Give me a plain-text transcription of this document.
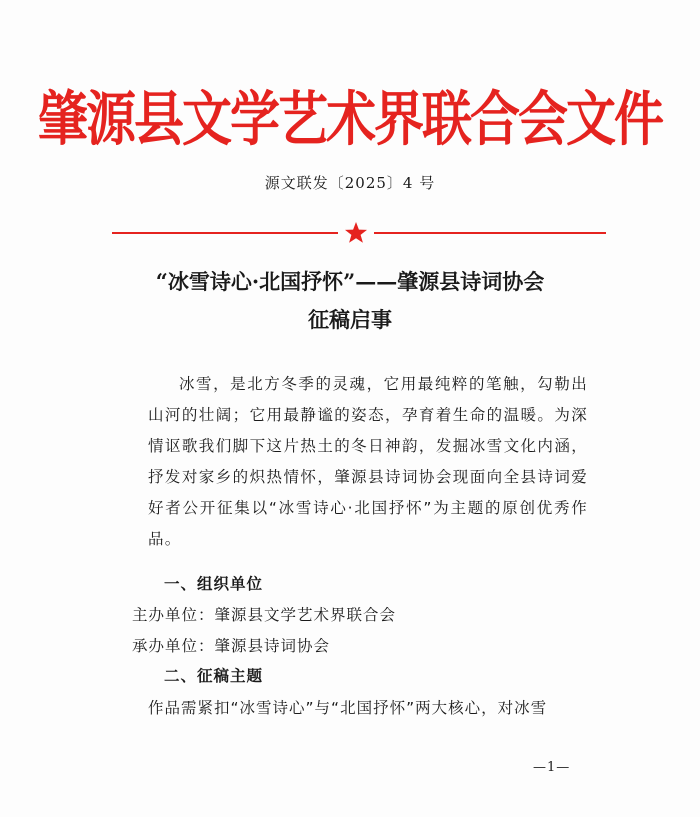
肇源县文学艺术界联合会文件
源文联发〔2025〕4 号
“冰雪诗心·北国抒怀”——肇源县诗词协会
征稿启事
冰雪，是北方冬季的灵魂，它用最纯粹的笔触，勾勒出山河的壮阔；它用最静谧的姿态，孕育着生命的温暖。为深情讴歌我们脚下这片热土的冬日神韵，发掘冰雪文化内涵，抒发对家乡的炽热情怀，肇源县诗词协会现面向全县诗词爱好者公开征集以“冰雪诗心·北国抒怀”为主题的原创优秀作品。
一、组织单位
主办单位：肇源县文学艺术界联合会
承办单位：肇源县诗词协会
二、征稿主题
作品需紧扣“冰雪诗心”与“北国抒怀”两大核心，对冰雪
—1—
